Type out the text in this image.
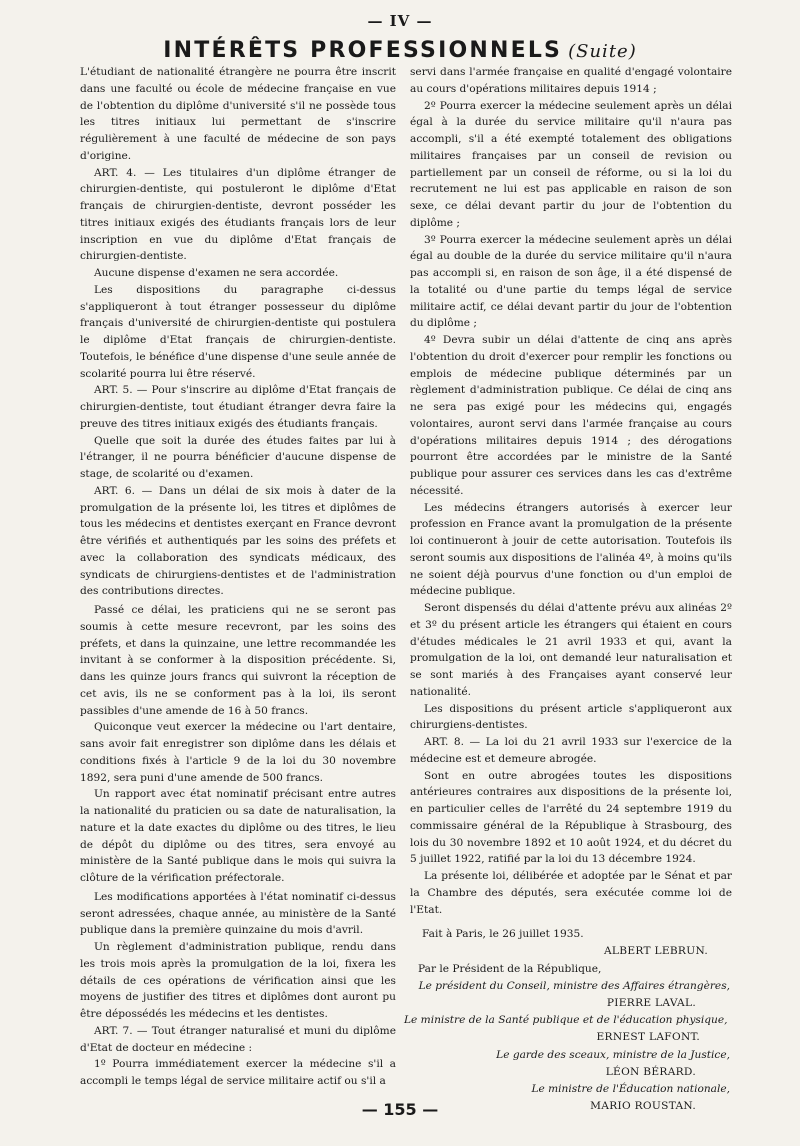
— IV —
INTÉRÊTS PROFESSIONNELS (Suite)

L'étudiant de nationalité étrangère ne pourra être inscrit dans une faculté ou école de médecine française en vue de l'obtention du diplôme d'université s'il ne possède tous les titres initiaux lui permettant de s'inscrire régulièrement à une faculté de médecine de son pays d'origine.

ART. 4. — Les titulaires d'un diplôme étranger de chirurgien-dentiste, qui postuleront le diplôme d'Etat français de chirurgien-dentiste, devront posséder les titres initiaux exigés des étudiants français lors de leur inscription en vue du diplôme d'Etat français de chirurgien-dentiste.

Aucune dispense d'examen ne sera accordée.

Les dispositions du paragraphe ci-dessus s'appliqueront à tout étranger possesseur du diplôme français d'université de chirurgien-dentiste qui postulera le diplôme d'Etat français de chirurgien-dentiste. Toutefois, le bénéfice d'une dispense d'une seule année de scolarité pourra lui être réservé.

ART. 5. — Pour s'inscrire au diplôme d'Etat français de chirurgien-dentiste, tout étudiant étranger devra faire la preuve des titres initiaux exigés des étudiants français.

Quelle que soit la durée des études faites par lui à l'étranger, il ne pourra bénéficier d'aucune dispense de stage, de scolarité ou d'examen.

ART. 6. — Dans un délai de six mois à dater de la promulgation de la présente loi, les titres et diplômes de tous les médecins et dentistes exerçant en France devront être vérifiés et authentiqués par les soins des préfets et avec la collaboration des syndicats médicaux, des syndicats de chirurgiens-dentistes et de l'administration des contributions directes.

Passé ce délai, les praticiens qui ne se seront pas soumis à cette mesure recevront, par les soins des préfets, et dans la quinzaine, une lettre recommandée les invitant à se conformer à la disposition précédente. Si, dans les quinze jours francs qui suivront la réception de cet avis, ils ne se conforment pas à la loi, ils seront passibles d'une amende de 16 à 50 francs.

Quiconque veut exercer la médecine ou l'art dentaire, sans avoir fait enregistrer son diplôme dans les délais et conditions fixés à l'article 9 de la loi du 30 novembre 1892, sera puni d'une amende de 500 francs.

Un rapport avec état nominatif précisant entre autres la nationalité du praticien ou sa date de naturalisation, la nature et la date exactes du diplôme ou des titres, le lieu de dépôt du diplôme ou des titres, sera envoyé au ministère de la Santé publique dans le mois qui suivra la clôture de la vérification préfectorale.

Les modifications apportées à l'état nominatif ci-dessus seront adressées, chaque année, au ministère de la Santé publique dans la première quinzaine du mois d'avril.

Un règlement d'administration publique, rendu dans les trois mois après la promulgation de la loi, fixera les détails de ces opérations de vérification ainsi que les moyens de justifier des titres et diplômes dont auront pu être dépossédés les médecins et les dentistes.

ART. 7. — Tout étranger naturalisé et muni du diplôme d'Etat de docteur en médecine :

1º Pourra immédiatement exercer la médecine s'il a accompli le temps légal de service militaire actif ou s'il a

servi dans l'armée française en qualité d'engagé volontaire au cours d'opérations militaires depuis 1914 ;

2º Pourra exercer la médecine seulement après un délai égal à la durée du service militaire qu'il n'aura pas accompli, s'il a été exempté totalement des obligations militaires françaises par un conseil de revision ou partiellement par un conseil de réforme, ou si la loi du recrutement ne lui est pas applicable en raison de son sexe, ce délai devant partir du jour de l'obtention du diplôme ;

3º Pourra exercer la médecine seulement après un délai égal au double de la durée du service militaire qu'il n'aura pas accompli si, en raison de son âge, il a été dispensé de la totalité ou d'une partie du temps légal de service militaire actif, ce délai devant partir du jour de l'obtention du diplôme ;

4º Devra subir un délai d'attente de cinq ans après l'obtention du droit d'exercer pour remplir les fonctions ou emplois de médecine publique déterminés par un règlement d'administration publique. Ce délai de cinq ans ne sera pas exigé pour les médecins qui, engagés volontaires, auront servi dans l'armée française au cours d'opérations militaires depuis 1914 ; des dérogations pourront être accordées par le ministre de la Santé publique pour assurer ces services dans les cas d'extrême nécessité.

Les médecins étrangers autorisés à exercer leur profession en France avant la promulgation de la présente loi continueront à jouir de cette autorisation. Toutefois ils seront soumis aux dispositions de l'alinéa 4º, à moins qu'ils ne soient déjà pourvus d'une fonction ou d'un emploi de médecine publique.

Seront dispensés du délai d'attente prévu aux alinéas 2º et 3º du présent article les étrangers qui étaient en cours d'études médicales le 21 avril 1933 et qui, avant la promulgation de la loi, ont demandé leur naturalisation et se sont mariés à des Françaises ayant conservé leur nationalité.

Les dispositions du présent article s'appliqueront aux chirurgiens-dentistes.

ART. 8. — La loi du 21 avril 1933 sur l'exercice de la médecine est et demeure abrogée.

Sont en outre abrogées toutes les dispositions antérieures contraires aux dispositions de la présente loi, en particulier celles de l'arrêté du 24 septembre 1919 du commissaire général de la République à Strasbourg, des lois du 30 novembre 1892 et 10 août 1924, et du décret du 5 juillet 1922, ratifié par la loi du 13 décembre 1924.

La présente loi, délibérée et adoptée par le Sénat et par la Chambre des députés, sera exécutée comme loi de l'Etat.

Fait à Paris, le 26 juillet 1935.
ALBERT LEBRUN.
Par le Président de la République,
Le président du Conseil, ministre des Affaires étrangères,
PIERRE LAVAL.
Le ministre de la Santé publique et de l'éducation physique,
ERNEST LAFONT.
Le garde des sceaux, ministre de la Justice,
LÉON BÉRARD.
Le ministre de l'Éducation nationale,
MARIO ROUSTAN.
— 155 —
